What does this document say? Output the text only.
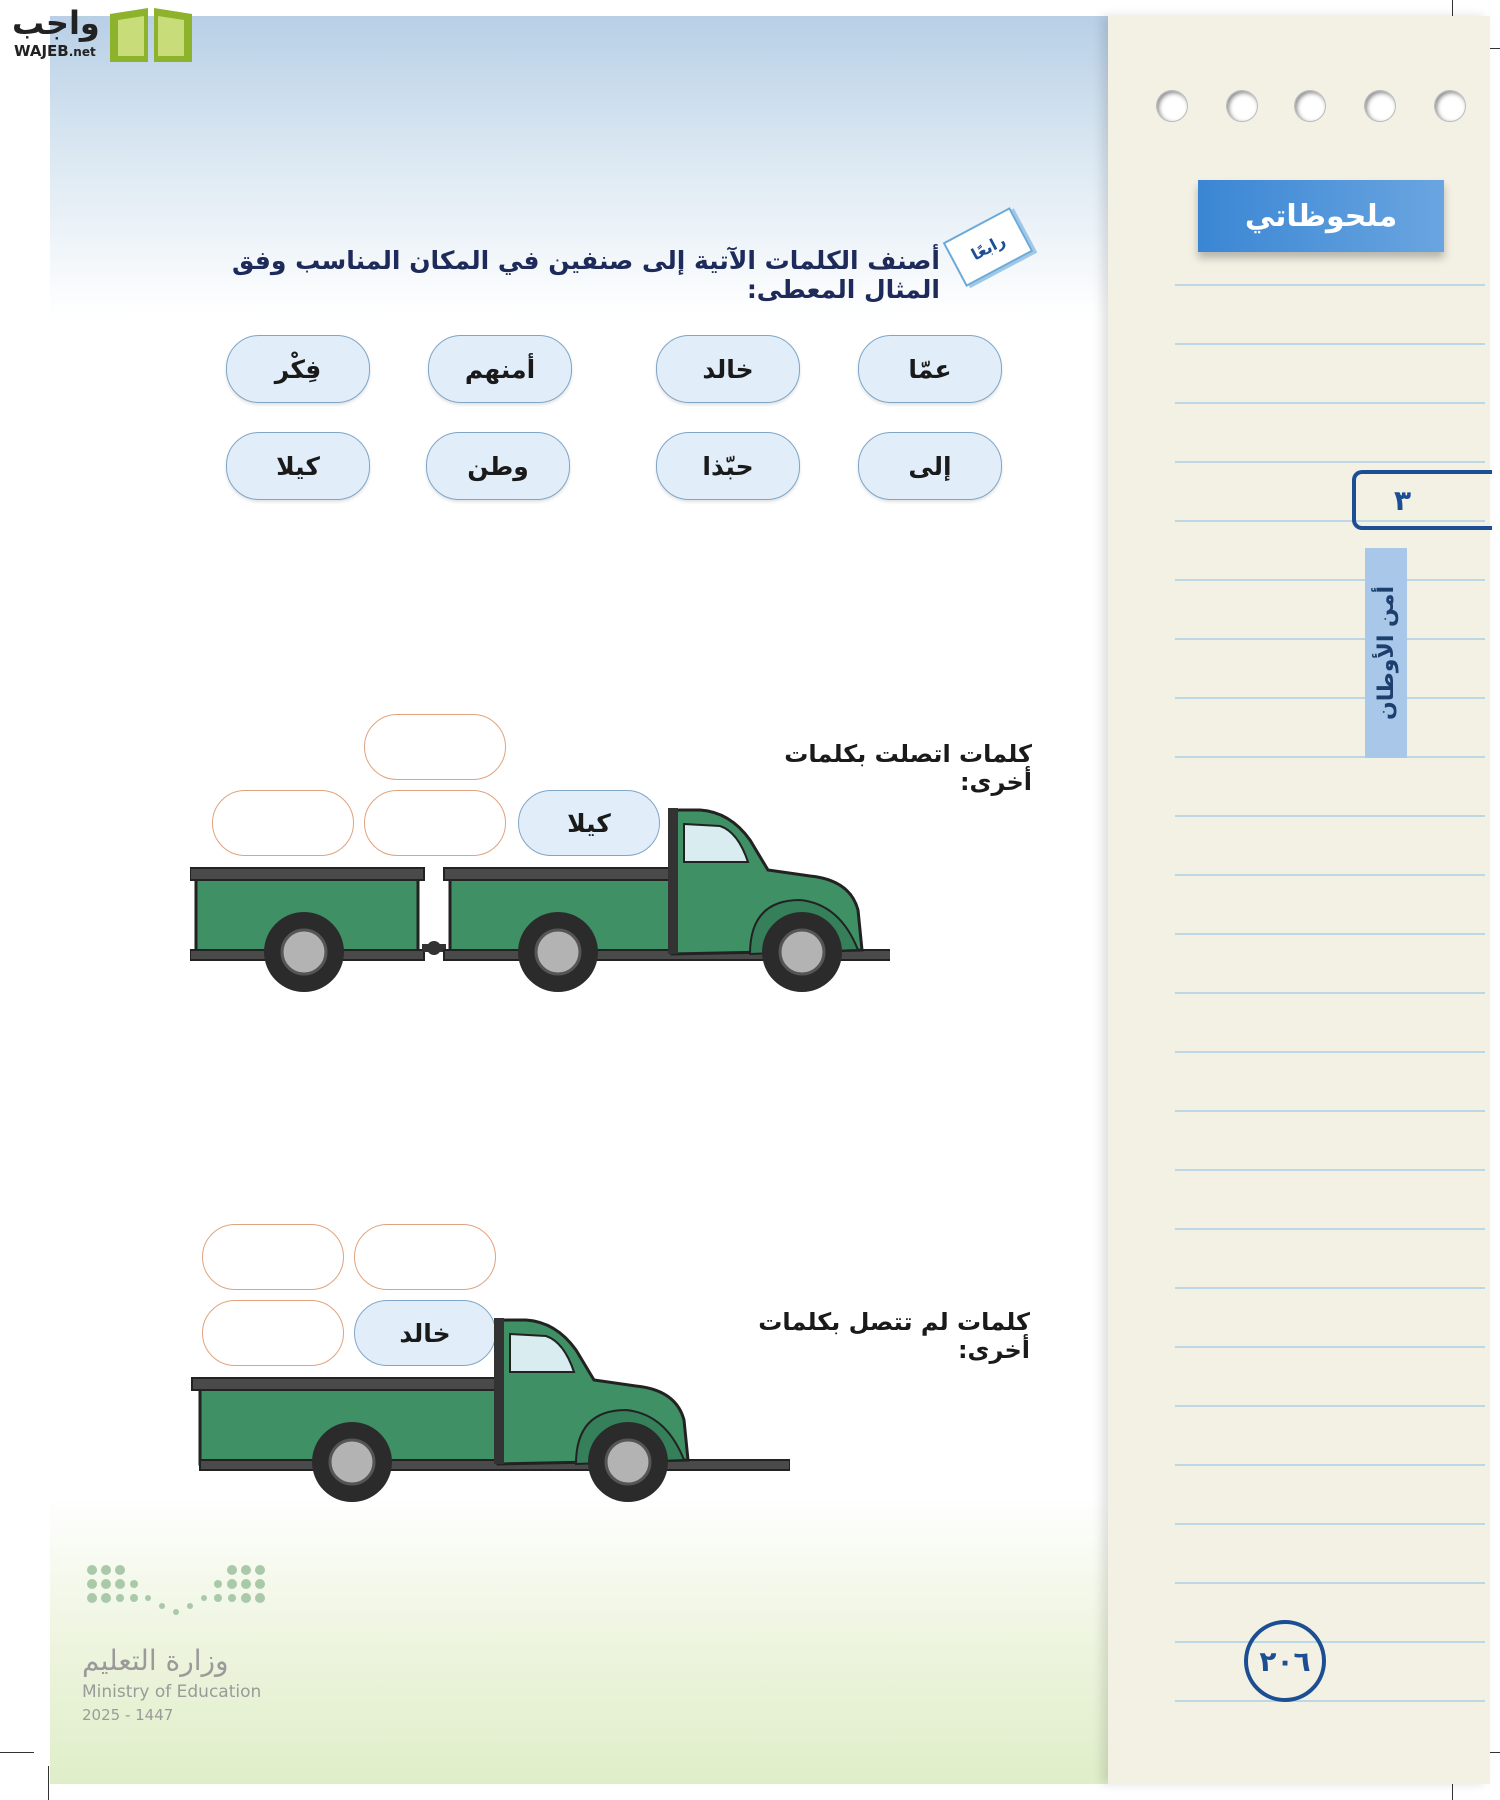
واجب
WAJEB.net
ملحوظاتي
٣
أمن الأوطان
٢٠٦
رابعًا
أصنف الكلمات الآتية إلى صنفين في المكان المناسب وفق المثال المعطى:
عمّا
خالد
أمنهم
فِكْر
إلى
حبّذا
وطن
كيلا
كلمات اتصلت بكلمات أخرى:
كيلا
كلمات لم تتصل بكلمات أخرى:
خالد
وزارة التعليم
Ministry of Education
2025 - 1447
